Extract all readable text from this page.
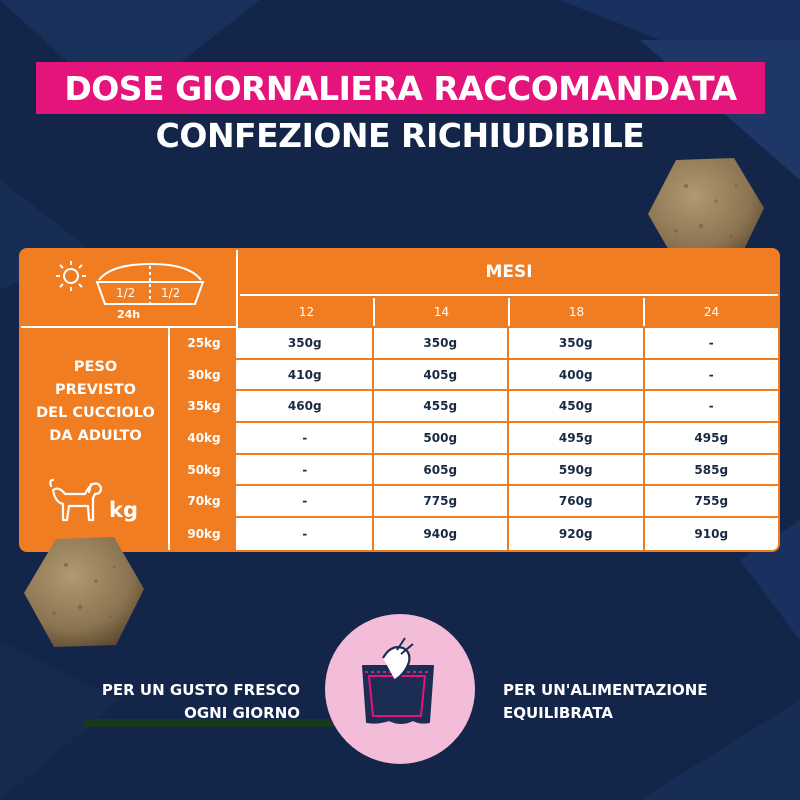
DOSE GIORNALIERA RACCOMANDATA
CONFEZIONE RICHIUDIBILE
1/2 1/2
24h
MESI
12	14	18	24
PESO
PREVISTO
DEL CUCCIOLO
DA ADULTO
kg
25kg	350g	350g	350g	-
30kg	410g	405g	400g	-
35kg	460g	455g	450g	-
40kg	-	500g	495g	495g
50kg	-	605g	590g	585g
70kg	-	775g	760g	755g
90kg	-	940g	920g	910g
PER UN GUSTO FRESCO
OGNI GIORNO
PER UN'ALIMENTAZIONE
EQUILIBRATA
